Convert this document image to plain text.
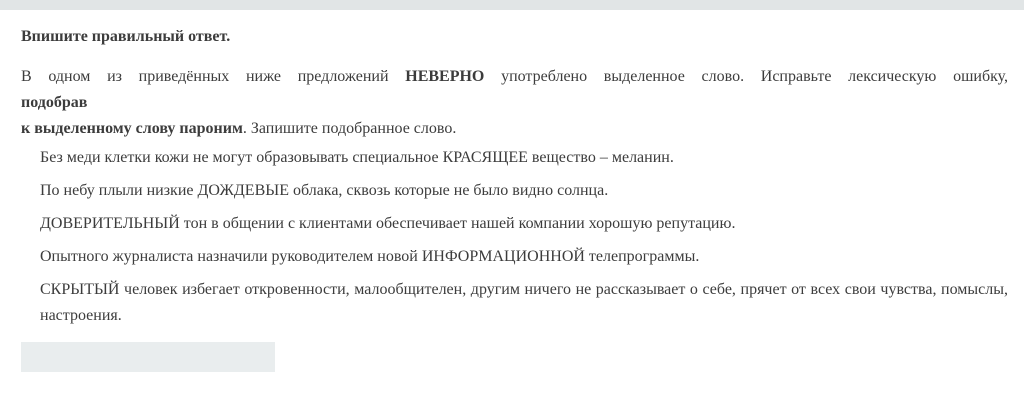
Впишите правильный ответ.
В одном из приведённых ниже предложений НЕВЕРНО употреблено выделенное слово. Исправьте лексическую ошибку,
подобрав
к выделенному слову пароним. Запишите подобранное слово.

Без меди клетки кожи не могут образовывать специальное КРАСЯЩЕЕ вещество – меланин.

По небу плыли низкие ДОЖДЕВЫЕ облака, сквозь которые не было видно солнца.

ДОВЕРИТЕЛЬНЫЙ тон в общении с клиентами обеспечивает нашей компании хорошую репутацию.

Опытного журналиста назначили руководителем новой ИНФОРМАЦИОННОЙ телепрограммы.

СКРЫТЫЙ человек избегает откровенности, малообщителен, другим ничего не рассказывает о себе, прячет от всех свои чувства, помыслы, настроения.
